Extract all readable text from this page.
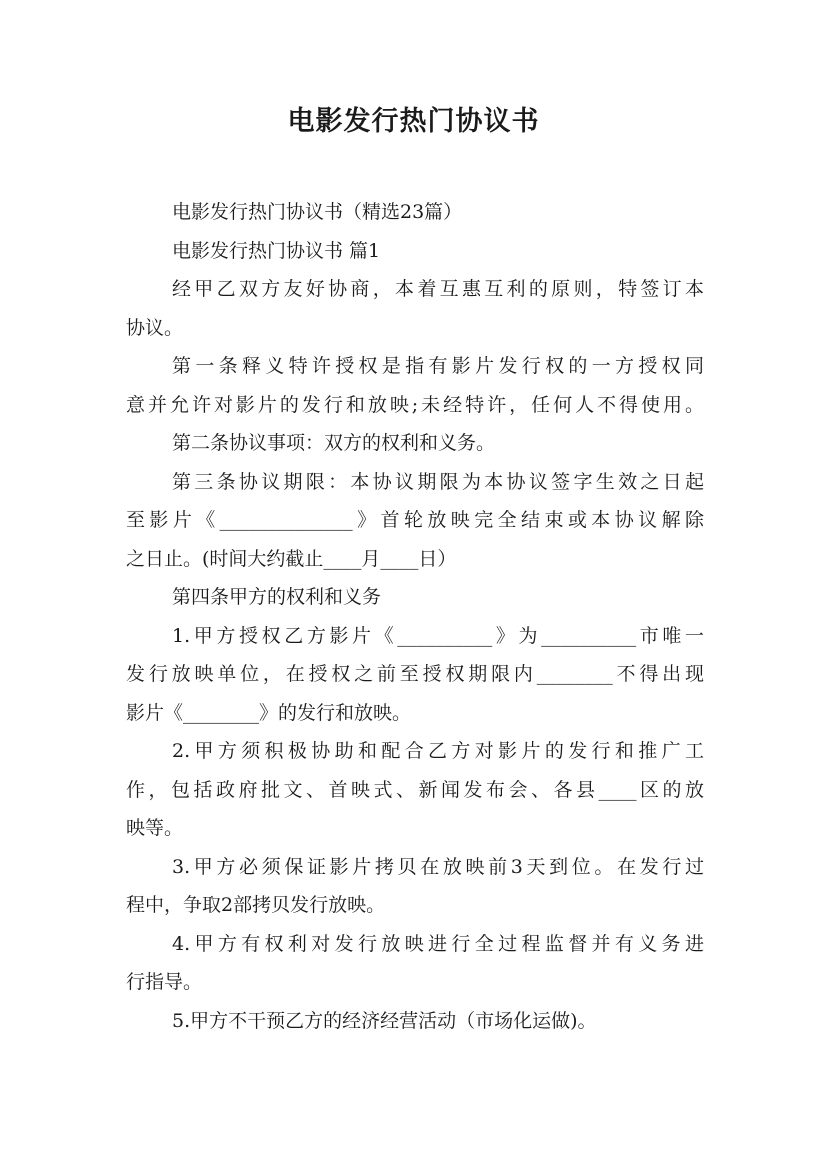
电影发行热门协议书
电影发行热门协议书（精选23篇）
电影发行热门协议书 篇1
经甲乙双方友好协商，本着互惠互利的原则，特签订本
协议。
第一条释义特许授权是指有影片发行权的一方授权同
意并允许对影片的发行和放映;未经特许，任何人不得使用。
第二条协议事项：双方的权利和义务。
第三条协议期限：本协议期限为本协议签字生效之日起
至影片《______________》首轮放映完全结束或本协议解除
之日止。(时间大约截止____月____日）
第四条甲方的权利和义务
1.甲方授权乙方影片《__________》为__________市唯一
发行放映单位，在授权之前至授权期限内________不得出现
影片《________》的发行和放映。
2.甲方须积极协助和配合乙方对影片的发行和推广工
作，包括政府批文、首映式、新闻发布会、各县____区的放
映等。
3.甲方必须保证影片拷贝在放映前3天到位。在发行过
程中，争取2部拷贝发行放映。
4.甲方有权利对发行放映进行全过程监督并有义务进
行指导。
5.甲方不干预乙方的经济经营活动（市场化运做)。
